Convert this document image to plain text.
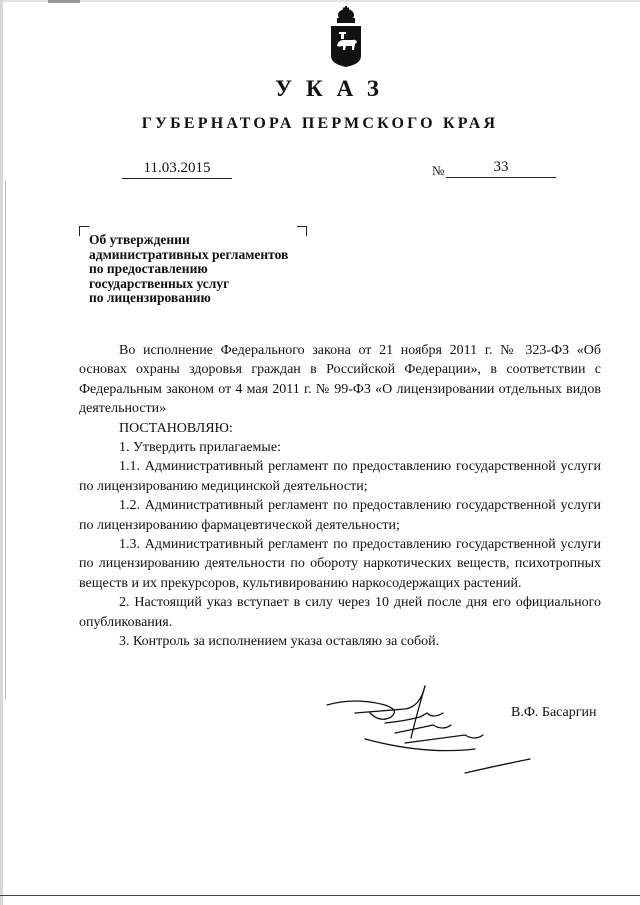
УКАЗ
ГУБЕРНАТОРА ПЕРМСКОГО КРАЯ
11.03.2015	№	33
Об утверждении
административных регламентов
по предоставлению
государственных услуг
по лицензированию

Во исполнение Федерального закона от 21 ноября 2011 г. № 323-ФЗ «Об основах охраны здоровья граждан в Российской Федерации», в соответствии с Федеральным законом от 4 мая 2011 г. № 99-ФЗ «О лицензировании отдельных видов деятельности»

ПОСТАНОВЛЯЮ:

1. Утвердить прилагаемые:

1.1. Административный регламент по предоставлению государственной услуги по лицензированию медицинской деятельности;

1.2. Административный регламент по предоставлению государственной услуги по лицензированию фармацевтической деятельности;

1.3. Административный регламент по предоставлению государственной услуги по лицензированию деятельности по обороту наркотических веществ, психотропных веществ и их прекурсоров, культивированию наркосодержащих растений.

2. Настоящий указ вступает в силу через 10 дней после дня его официального опубликования.

3. Контроль за исполнением указа оставляю за собой.

В.Ф. Басаргин
